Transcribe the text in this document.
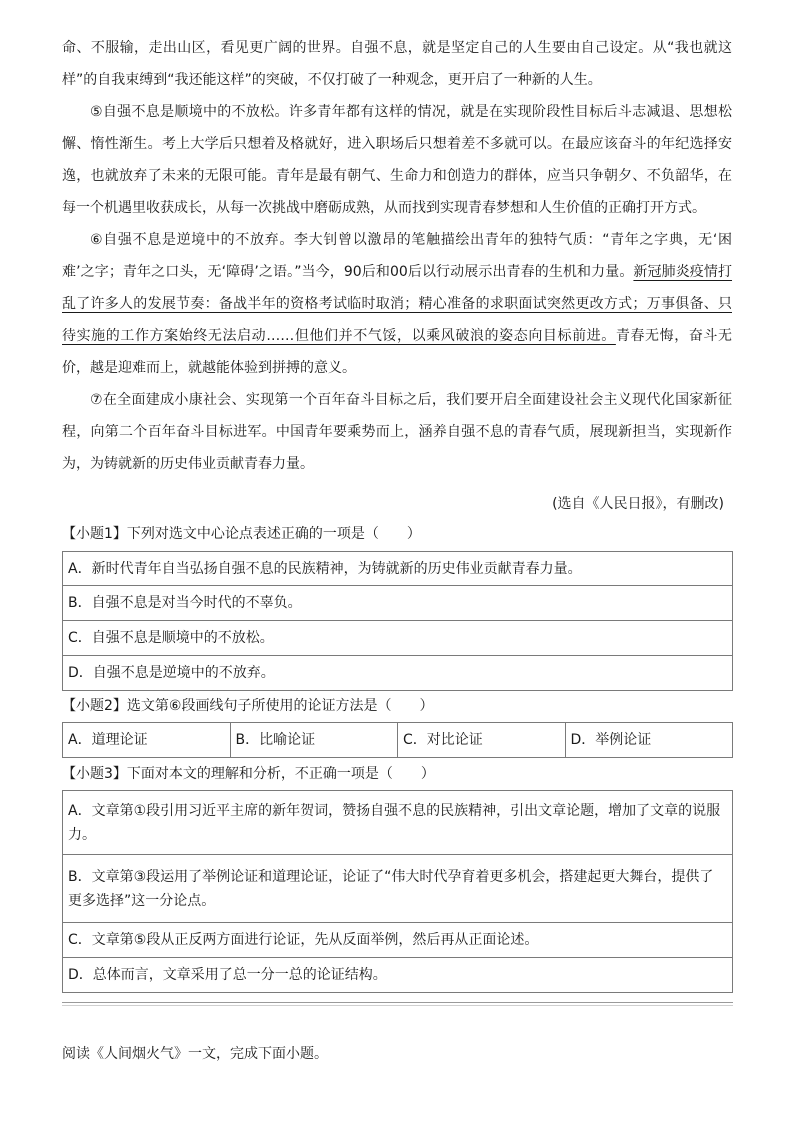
命、不服输，走出山区，看见更广阔的世界。自强不息，就是坚定自己的人生要由自己设定。从“我也就这样”的自我束缚到“我还能这样”的突破，不仅打破了一种观念，更开启了一种新的人生。

⑤自强不息是顺境中的不放松。许多青年都有这样的情况，就是在实现阶段性目标后斗志减退、思想松懈、惰性渐生。考上大学后只想着及格就好，进入职场后只想着差不多就可以。在最应该奋斗的年纪选择安逸，也就放弃了未来的无限可能。青年是最有朝气、生命力和创造力的群体，应当只争朝夕、不负韶华，在每一个机遇里收获成长，从每一次挑战中磨砺成熟，从而找到实现青春梦想和人生价值的正确打开方式。

⑥自强不息是逆境中的不放弃。李大钊曾以激昂的笔触描绘出青年的独特气质：“青年之字典，无‘困难’之字；青年之口头，无‘障碍’之语。”当今，90后和00后以行动展示出青春的生机和力量。新冠肺炎疫情打乱了许多人的发展节奏：备战半年的资格考试临时取消；精心准备的求职面试突然更改方式；万事俱备、只待实施的工作方案始终无法启动……但他们并不气馁，以乘风破浪的姿态向目标前进。青春无悔，奋斗无价，越是迎难而上，就越能体验到拼搏的意义。

⑦在全面建成小康社会、实现第一个百年奋斗目标之后，我们要开启全面建设社会主义现代化国家新征程，向第二个百年奋斗目标进军。中国青年要乘势而上，涵养自强不息的青春气质，展现新担当，实现新作为，为铸就新的历史伟业贡献青春力量。

(选自《人民日报》，有删改)
【小题1】下列对选文中心论点表述正确的一项是（　　）
A．新时代青年自当弘扬自强不息的民族精神，为铸就新的历史伟业贡献青春力量。
B．自强不息是对当今时代的不辜负。
C．自强不息是顺境中的不放松。
D．自强不息是逆境中的不放弃。
【小题2】选文第⑥段画线句子所使用的论证方法是（　　）
A．道理论证	B．比喻论证	C．对比论证	D．举例论证
【小题3】下面对本文的理解和分析，不正确一项是（　　）
A．文章第①段引用习近平主席的新年贺词，赞扬自强不息的民族精神，引出文章论题，增加了文章的说服力。
B．文章第③段运用了举例论证和道理论证，论证了“伟大时代孕育着更多机会，搭建起更大舞台，提供了更多选择”这一分论点。
C．文章第⑤段从正反两方面进行论证，先从反面举例，然后再从正面论述。
D．总体而言，文章采用了总一分一总的论证结构。
阅读《人间烟火气》一文，完成下面小题。
